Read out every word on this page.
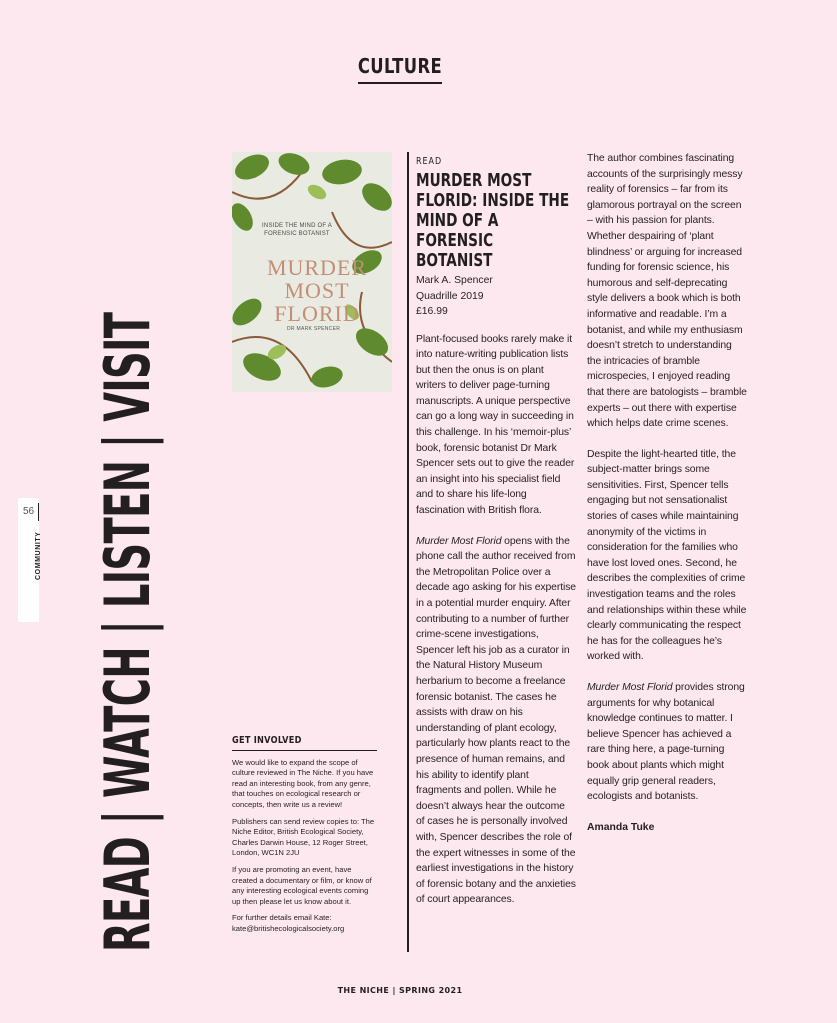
CULTURE
READ | WATCH | LISTEN | VISIT
56
COMMUNITY
INSIDE THE MIND OF A FORENSIC BOTANIST
MURDER
MOST
FLORID
DR MARK SPENCER
GET INVOLVED

We would like to expand the scope of culture reviewed in The Niche. If you have read an interesting book, from any genre, that touches on ecological research or concepts, then write us a review!

Publishers can send review copies to: The Niche Editor, British Ecological Society, Charles Darwin House, 12 Roger Street, London, WC1N 2JU

If you are promoting an event, have created a documentary or film, or know of any interesting ecological events coming up then please let us know about it.

For further details email Kate:
kate@britishecologicalsociety.org

READ
MURDER MOST FLORID: INSIDE THE MIND OF A FORENSIC BOTANIST
Mark A. Spencer
Quadrille 2019
£16.99

Plant-focused books rarely make it into nature-writing publication lists but then the onus is on plant writers to deliver page-turning manuscripts. A unique perspective can go a long way in succeeding in this challenge. In his ‘memoir-plus’ book, forensic botanist Dr Mark Spencer sets out to give the reader an insight into his specialist field and to share his life-long fascination with British flora.

Murder Most Florid opens with the phone call the author received from the Metropolitan Police over a decade ago asking for his expertise in a potential murder enquiry. After contributing to a number of further crime-scene investigations, Spencer left his job as a curator in the Natural History Museum herbarium to become a freelance forensic botanist. The cases he assists with draw on his understanding of plant ecology, particularly how plants react to the presence of human remains, and his ability to identify plant fragments and pollen. While he doesn’t always hear the outcome of cases he is personally involved with, Spencer describes the role of the expert witnesses in some of the earliest investigations in the history of forensic botany and the anxieties of court appearances.

The author combines fascinating accounts of the surprisingly messy reality of forensics – far from its glamorous portrayal on the screen – with his passion for plants. Whether despairing of ‘plant blindness’ or arguing for increased funding for forensic science, his humorous and self-deprecating style delivers a book which is both informative and readable. I’m a botanist, and while my enthusiasm doesn’t stretch to understanding the intricacies of bramble microspecies, I enjoyed reading that there are batologists – bramble experts – out there with expertise which helps date crime scenes.

Despite the light-hearted title, the subject-matter brings some sensitivities. First, Spencer tells engaging but not sensationalist stories of cases while maintaining anonymity of the victims in consideration for the families who have lost loved ones. Second, he describes the complexities of crime investigation teams and the roles and relationships within these while clearly communicating the respect he has for the colleagues he’s worked with.

Murder Most Florid provides strong arguments for why botanical knowledge continues to matter. I believe Spencer has achieved a rare thing here, a page-turning book about plants which might equally grip general readers, ecologists and botanists.

Amanda Tuke

THE NICHE | SPRING 2021
